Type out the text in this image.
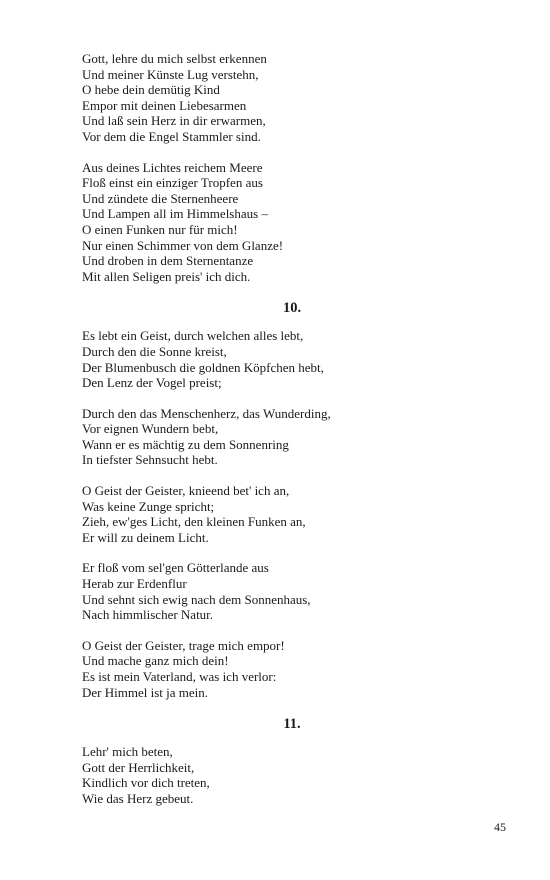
Gott, lehre du mich selbst erkennen
Und meiner Künste Lug verstehn,
O hebe dein demütig Kind
Empor mit deinen Liebesarmen
Und laß sein Herz in dir erwarmen,
Vor dem die Engel Stammler sind.
Aus deines Lichtes reichem Meere
Floß einst ein einziger Tropfen aus
Und zündete die Sternenheere
Und Lampen all im Himmelshaus –
O einen Funken nur für mich!
Nur einen Schimmer von dem Glanze!
Und droben in dem Sternentanze
Mit allen Seligen preis' ich dich.
10.
Es lebt ein Geist, durch welchen alles lebt,
Durch den die Sonne kreist,
Der Blumenbusch die goldnen Köpfchen hebt,
Den Lenz der Vogel preist;
Durch den das Menschenherz, das Wunderding,
Vor eignen Wundern bebt,
Wann er es mächtig zu dem Sonnenring
In tiefster Sehnsucht hebt.
O Geist der Geister, knieend bet' ich an,
Was keine Zunge spricht;
Zieh, ew'ges Licht, den kleinen Funken an,
Er will zu deinem Licht.
Er floß vom sel'gen Götterlande aus
Herab zur Erdenflur
Und sehnt sich ewig nach dem Sonnenhaus,
Nach himmlischer Natur.
O Geist der Geister, trage mich empor!
Und mache ganz mich dein!
Es ist mein Vaterland, was ich verlor:
Der Himmel ist ja mein.
11.
Lehr' mich beten,
Gott der Herrlichkeit,
Kindlich vor dich treten,
Wie das Herz gebeut.
45
